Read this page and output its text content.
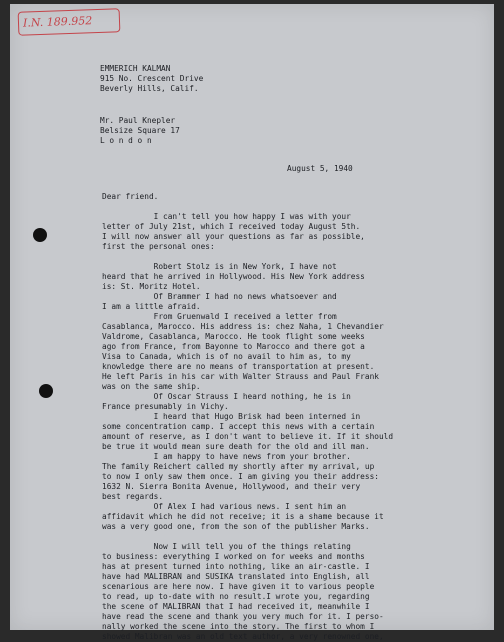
I.N. 189.952
EMMERICH KALMAN
915 No. Crescent Drive
Beverly Hills, Calif.
Mr. Paul Knepler
Belsize Square 17
L o n d o n
August 5, 1940
Dear friend.
I can't tell you how happy I was with your
letter of July 21st, which I received today August 5th.
I will now answer all your questions as far as possible,
first the personal ones:
Robert Stolz is in New York, I have not
heard that he arrived in Hollywood. His New York address
is: St. Moritz Hotel.
Of Brammer I had no news whatsoever and
I am a little afraid.
From Gruenwald I received a letter from
Casablanca, Marocco. His address is: chez Naha, 1 Chevandier
Valdrome, Casablanca, Marocco. He took flight some weeks
ago from France, from Bayonne to Marocco and there got a
Visa to Canada, which is of no avail to him as, to my
knowledge there are no means of transportation at present.
He left Paris in his car with Walter Strauss and Paul Frank
was on the same ship.
Of Oscar Strauss I heard nothing, he is in
France presumably in Vichy.
I heard that Hugo Brisk had been interned in
some concentration camp. I accept this news with a certain
amount of reserve, as I don't want to believe it. If it should
be true it would mean sure death for the old and ill man.
I am happy to have news from your brother.
The family Reichert called my shortly after my arrival, up
to now I only saw them once. I am giving you their address:
1632 N. Sierra Bonita Avenue, Hollywood, and their very
best regards.
Of Alex I had various news. I sent him an
affidavit which he did not receive; it is a shame because it
was a very good one, from the son of the publisher Marks.
Now I will tell you of the things relating
to business: everything I worked on for weeks and months
has at present turned into nothing, like an air-castle. I
have had MALIBRAN and SUSIKA translated into English, all
scenarious are here now. I have given it to various people
to read, up to-date with no result.I wrote you, regarding
the scene of MALIBRAN that I had received it, meanwhile I
have read the scene and thank you very much for it. I perso-
nally worked the scene into the story. The first to whom I
showed Malibran was an old text author, a very renowned one,
